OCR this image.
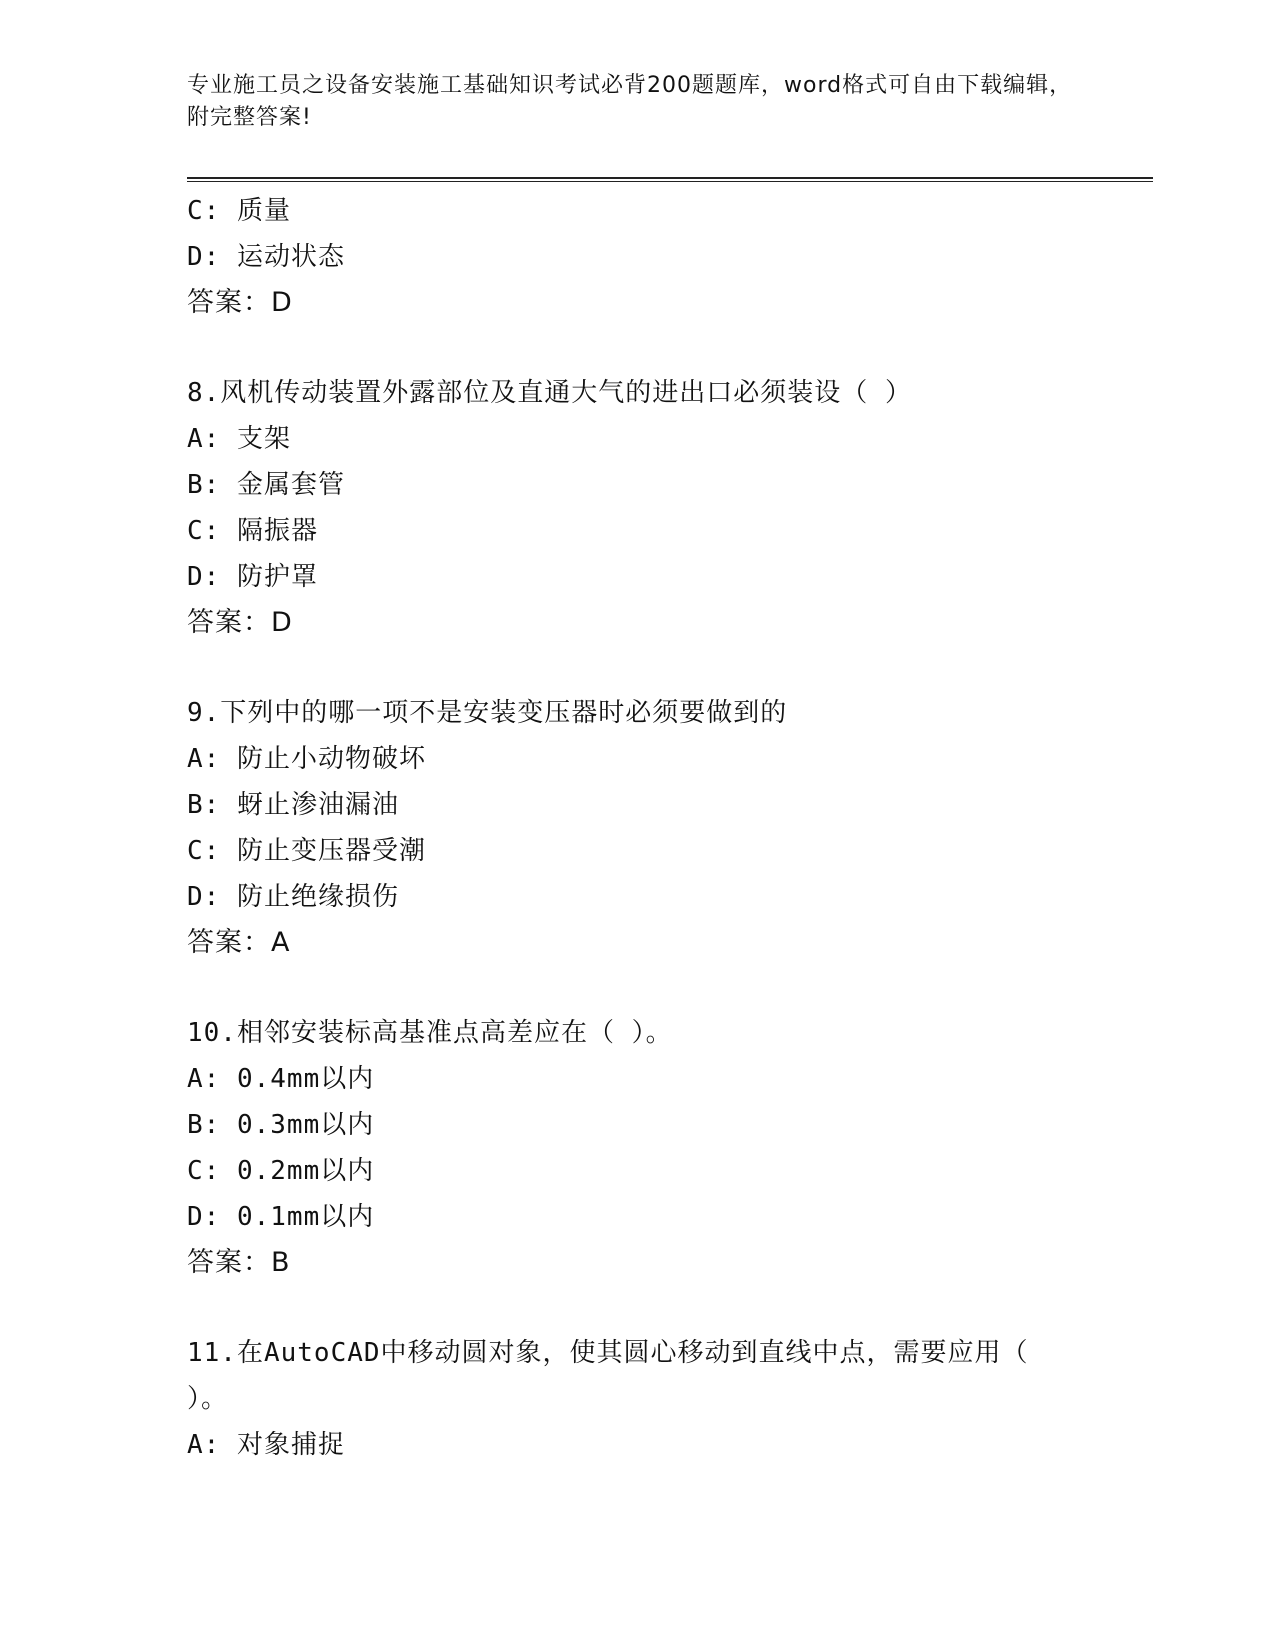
专业施工员之设备安装施工基础知识考试必背200题题库，word格式可自由下载编辑，附完整答案!
C: 质量
D: 运动状态
答案：D
8.风机传动装置外露部位及直通大气的进出口必须装设（ ）
A: 支架
B: 金属套管
C: 隔振器
D: 防护罩
答案：D
9.下列中的哪一项不是安装变压器时必须要做到的
A: 防止小动物破坏
B: 蚜止渗油漏油
C: 防止变压器受潮
D: 防止绝缘损伤
答案：A
10.相邻安装标高基准点高差应在（ ）。
A: 0.4mm以内
B: 0.3mm以内
C: 0.2mm以内
D: 0.1mm以内
答案：B
11.在AutoCAD中移动圆对象，使其圆心移动到直线中点，需要应用（
）。
A: 对象捕捉
